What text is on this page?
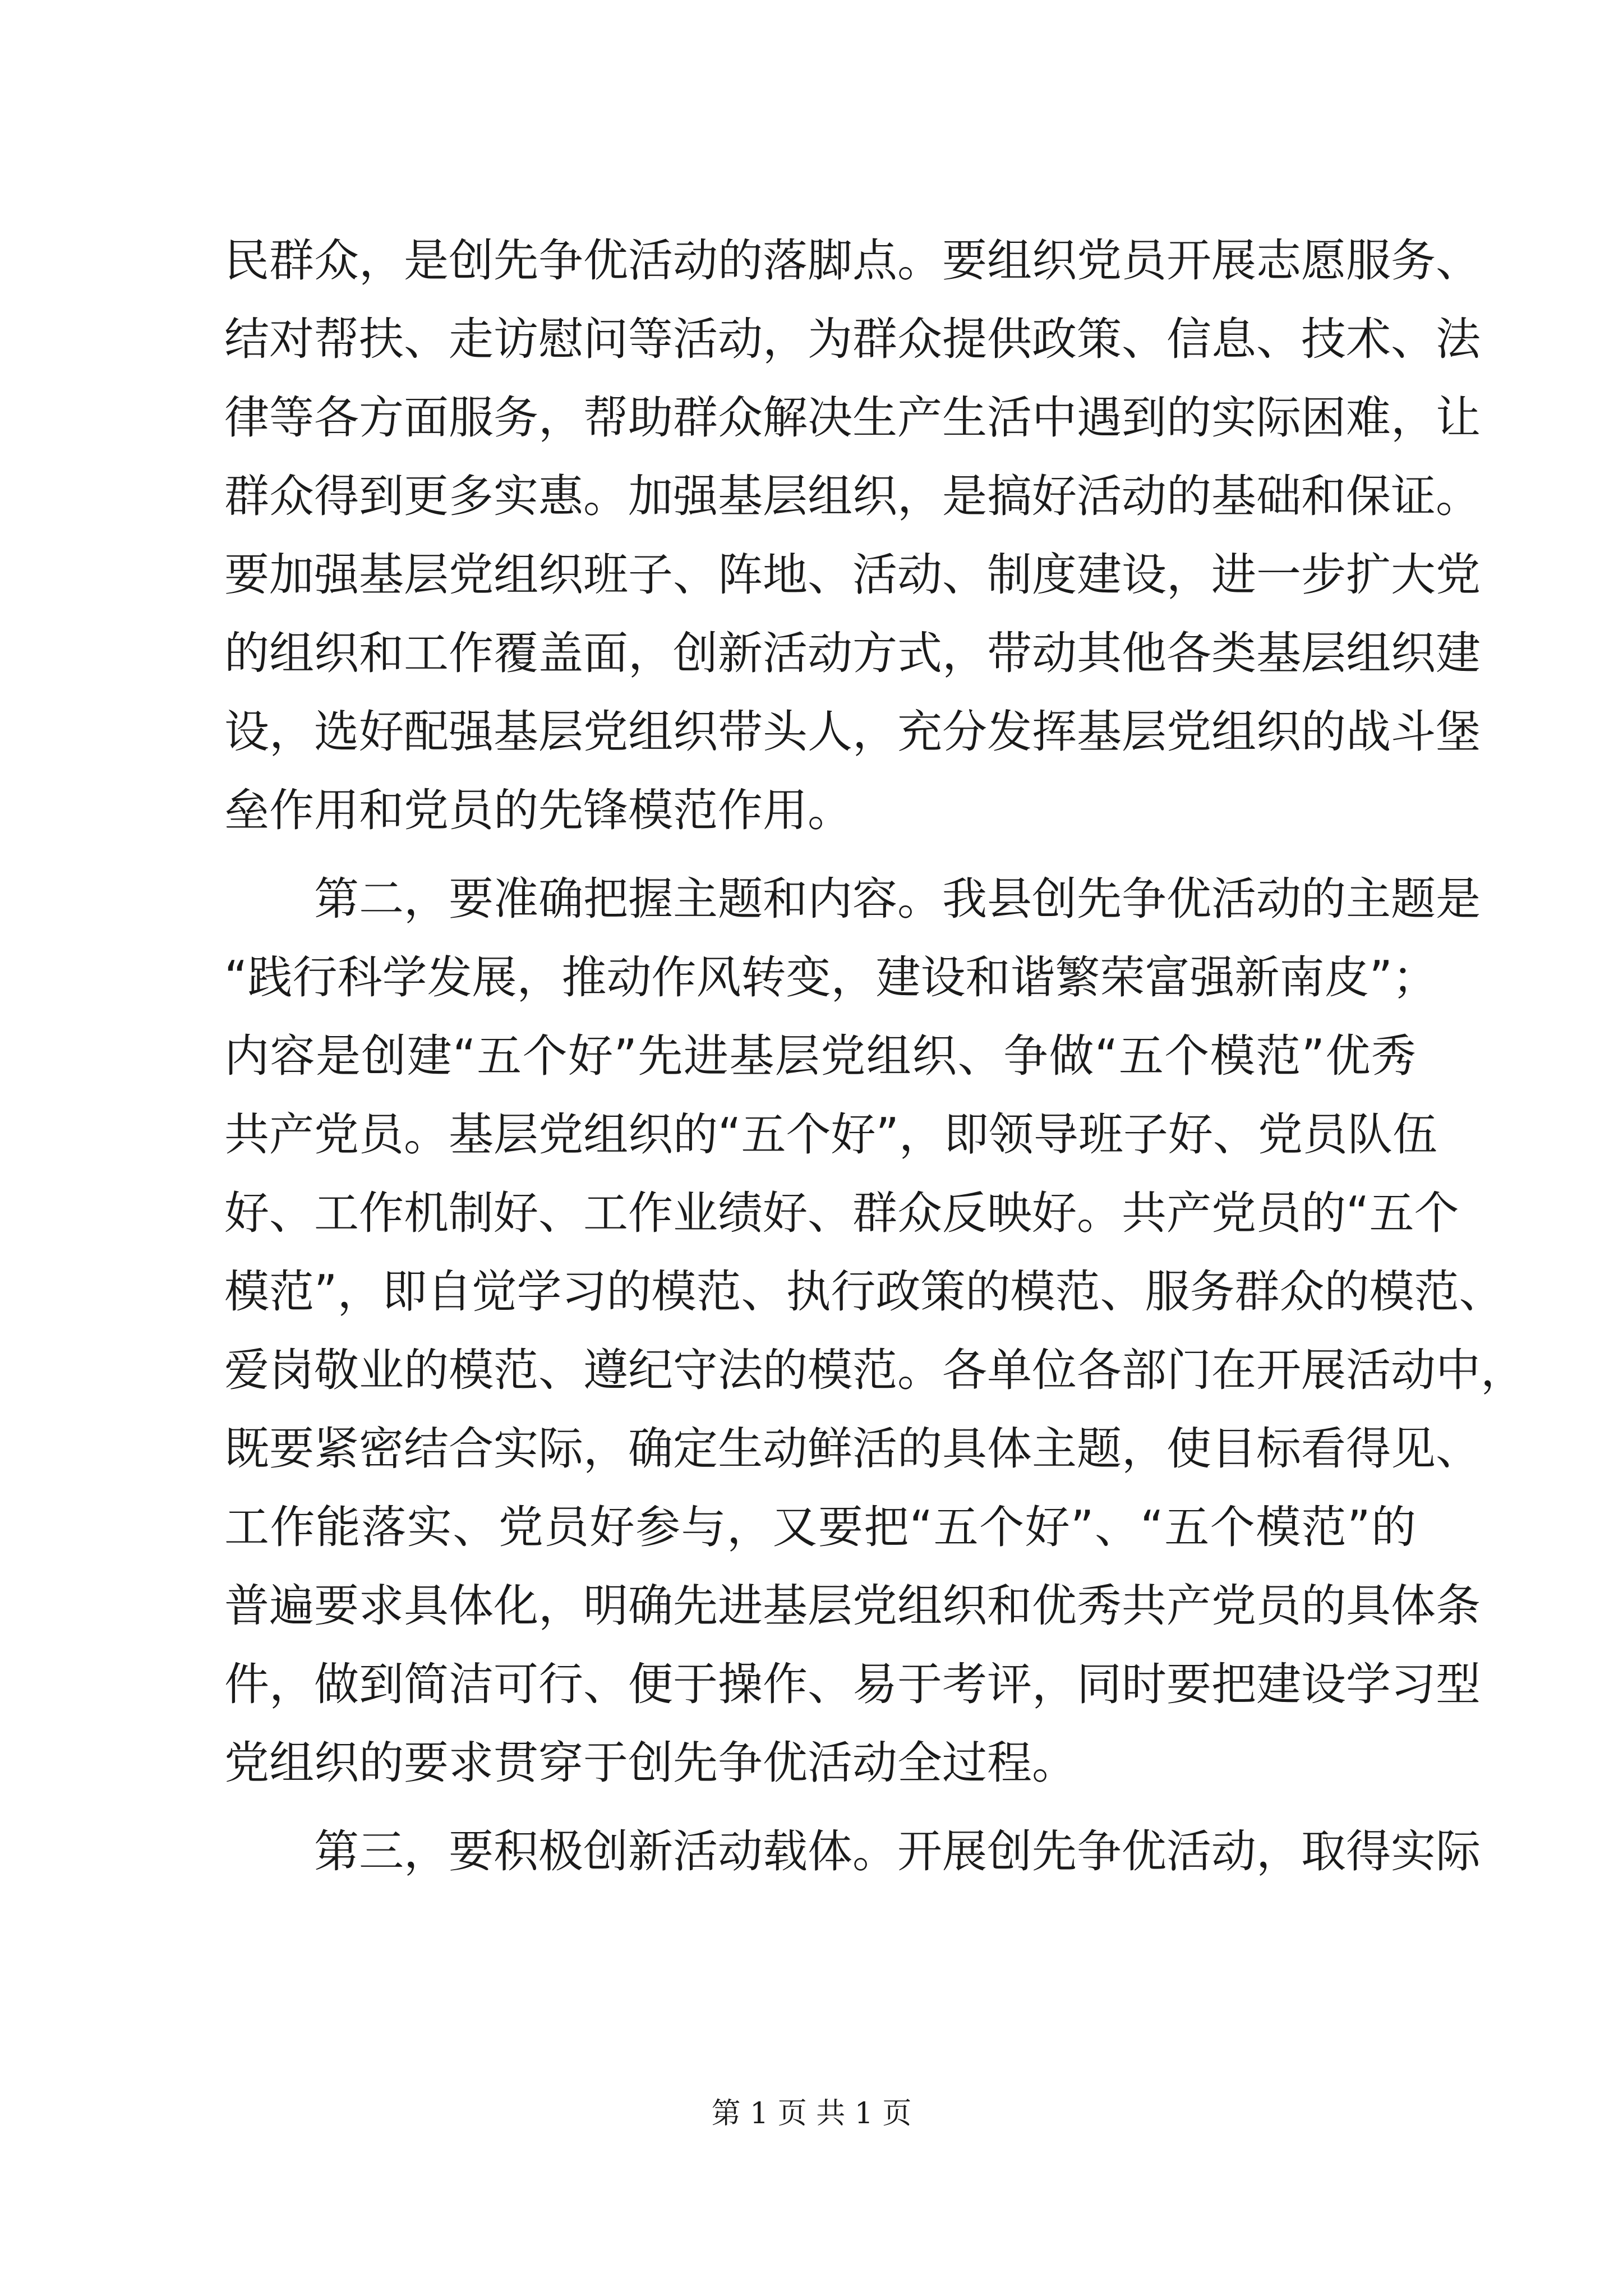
民群众，是创先争优活动的落脚点。要组织党员开展志愿服务、
结对帮扶、走访慰问等活动，为群众提供政策、信息、技术、法
律等各方面服务，帮助群众解决生产生活中遇到的实际困难，让
群众得到更多实惠。加强基层组织，是搞好活动的基础和保证。
要加强基层党组织班子、阵地、活动、制度建设，进一步扩大党
的组织和工作覆盖面，创新活动方式，带动其他各类基层组织建
设，选好配强基层党组织带头人，充分发挥基层党组织的战斗堡
垒作用和党员的先锋模范作用。
第二，要准确把握主题和内容。我县创先争优活动的主题是
“践行科学发展，推动作风转变，建设和谐繁荣富强新南皮”；
内容是创建“五个好”先进基层党组织、争做“五个模范”优秀
共产党员。基层党组织的“五个好”，即领导班子好、党员队伍
好、工作机制好、工作业绩好、群众反映好。共产党员的“五个
模范”，即自觉学习的模范、执行政策的模范、服务群众的模范、
爱岗敬业的模范、遵纪守法的模范。各单位各部门在开展活动中，
既要紧密结合实际，确定生动鲜活的具体主题，使目标看得见、
工作能落实、党员好参与，又要把“五个好”、“五个模范”的
普遍要求具体化，明确先进基层党组织和优秀共产党员的具体条
件，做到简洁可行、便于操作、易于考评，同时要把建设学习型
党组织的要求贯穿于创先争优活动全过程。
第三，要积极创新活动载体。开展创先争优活动，取得实际
第 1 页 共 1 页
